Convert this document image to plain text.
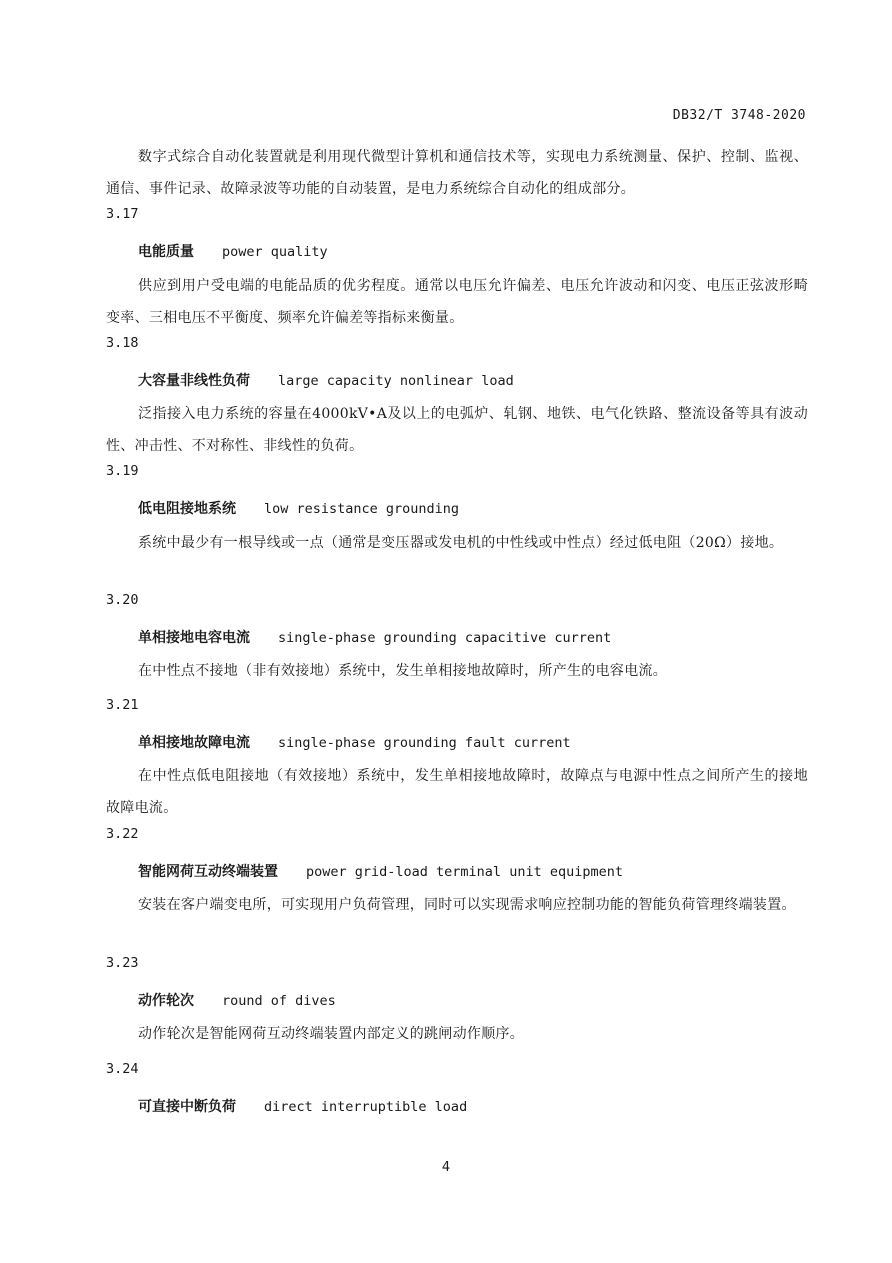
DB32/T 3748-2020
数字式综合自动化装置就是利用现代微型计算机和通信技术等，实现电力系统测量、保护、控制、监视、通信、事件记录、故障录波等功能的自动装置，是电力系统综合自动化的组成部分。
3.17
电能质量 power quality
供应到用户受电端的电能品质的优劣程度。通常以电压允许偏差、电压允许波动和闪变、电压正弦波形畸变率、三相电压不平衡度、频率允许偏差等指标来衡量。
3.18
大容量非线性负荷 large capacity nonlinear load
泛指接入电力系统的容量在4000kV•A及以上的电弧炉、轧钢、地铁、电气化铁路、整流设备等具有波动性、冲击性、不对称性、非线性的负荷。
3.19
低电阻接地系统 low resistance grounding
系统中最少有一根导线或一点（通常是变压器或发电机的中性线或中性点）经过低电阻（20Ω）接地。
3.20
单相接地电容电流 single-phase grounding capacitive current
在中性点不接地（非有效接地）系统中，发生单相接地故障时，所产生的电容电流。
3.21
单相接地故障电流 single-phase grounding fault current
在中性点低电阻接地（有效接地）系统中，发生单相接地故障时，故障点与电源中性点之间所产生的接地故障电流。
3.22
智能网荷互动终端装置 power grid-load terminal unit equipment
安装在客户端变电所，可实现用户负荷管理，同时可以实现需求响应控制功能的智能负荷管理终端装置。
3.23
动作轮次 round of dives
动作轮次是智能网荷互动终端装置内部定义的跳闸动作顺序。
3.24
可直接中断负荷 direct interruptible load
4
